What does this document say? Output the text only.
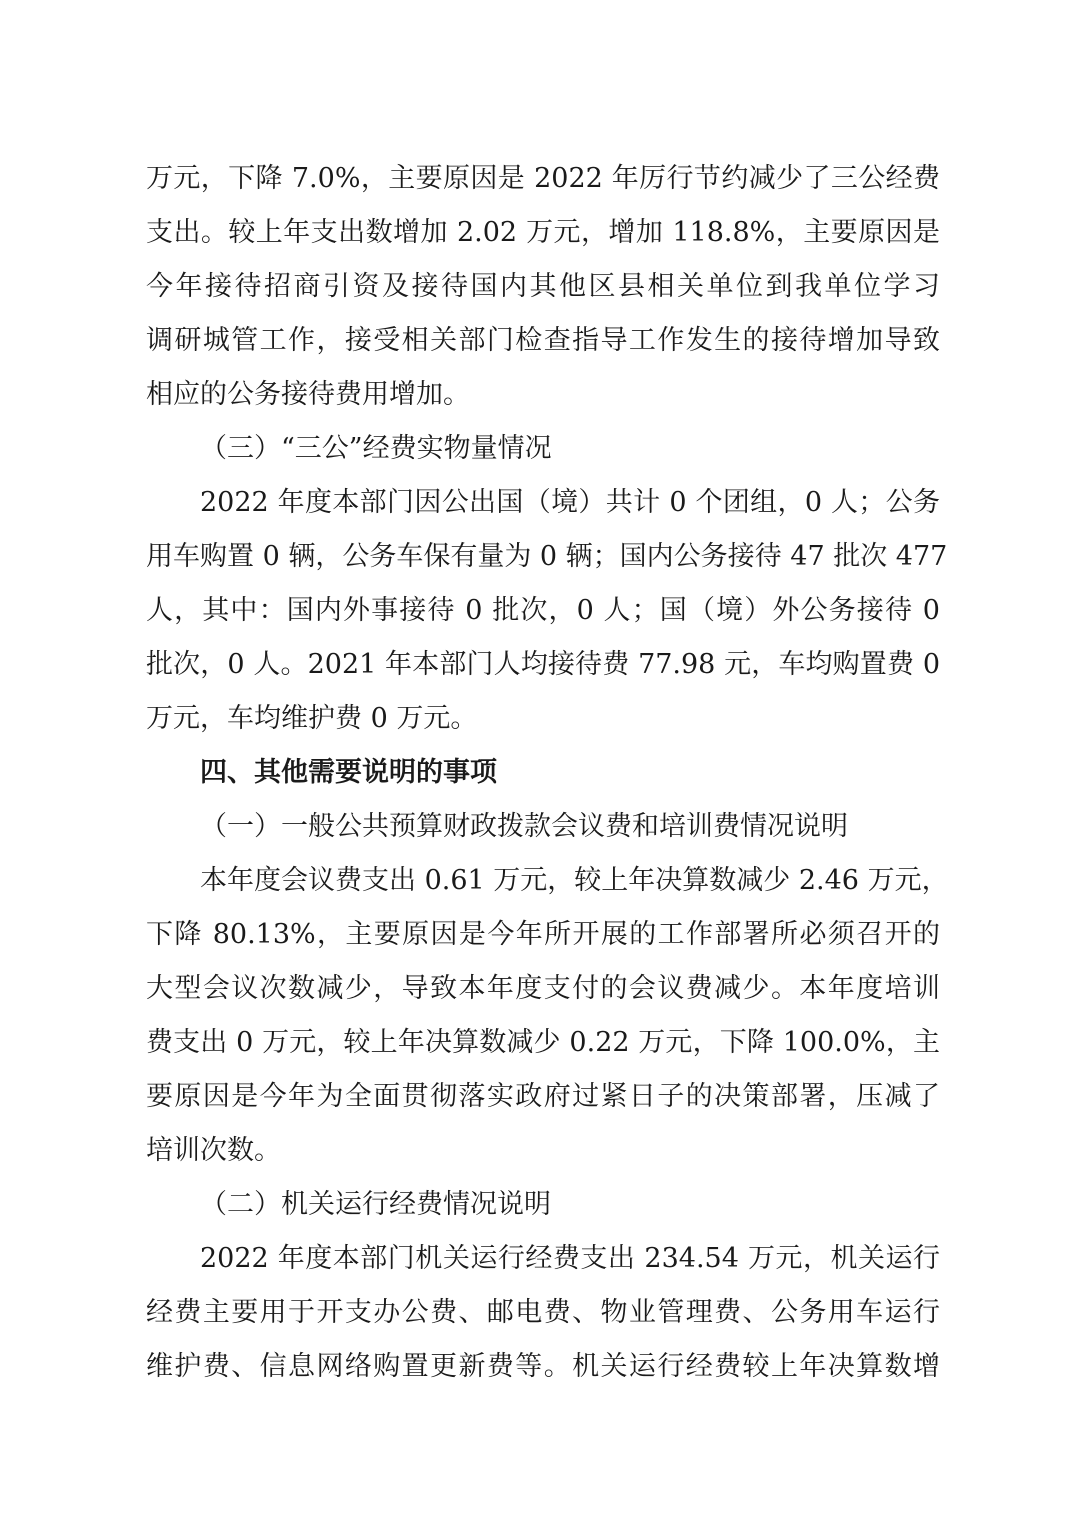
万元，下降 7.0%，主要原因是 2022 年厉行节约减少了三公经费
支出。较上年支出数增加 2.02 万元，增加 118.8%，主要原因是
今年接待招商引资及接待国内其他区县相关单位到我单位学习
调研城管工作，接受相关部门检查指导工作发生的接待增加导致
相应的公务接待费用增加。
（三）“三公”经费实物量情况
2022 年度本部门因公出国（境）共计 0 个团组，0 人；公务
用车购置 0 辆，公务车保有量为 0 辆；国内公务接待 47 批次 477
人，其中：国内外事接待 0 批次，0 人；国（境）外公务接待 0
批次，0 人。2021 年本部门人均接待费 77.98 元，车均购置费 0
万元，车均维护费 0 万元。
四、其他需要说明的事项
（一）一般公共预算财政拨款会议费和培训费情况说明
本年度会议费支出 0.61 万元，较上年决算数减少 2.46 万元，
下降 80.13%，主要原因是今年所开展的工作部署所必须召开的
大型会议次数减少，导致本年度支付的会议费减少。本年度培训
费支出 0 万元，较上年决算数减少 0.22 万元，下降 100.0%，主
要原因是今年为全面贯彻落实政府过紧日子的决策部署，压减了
培训次数。
（二）机关运行经费情况说明
2022 年度本部门机关运行经费支出 234.54 万元，机关运行
经费主要用于开支办公费、邮电费、物业管理费、公务用车运行
维护费、信息网络购置更新费等。机关运行经费较上年决算数增
